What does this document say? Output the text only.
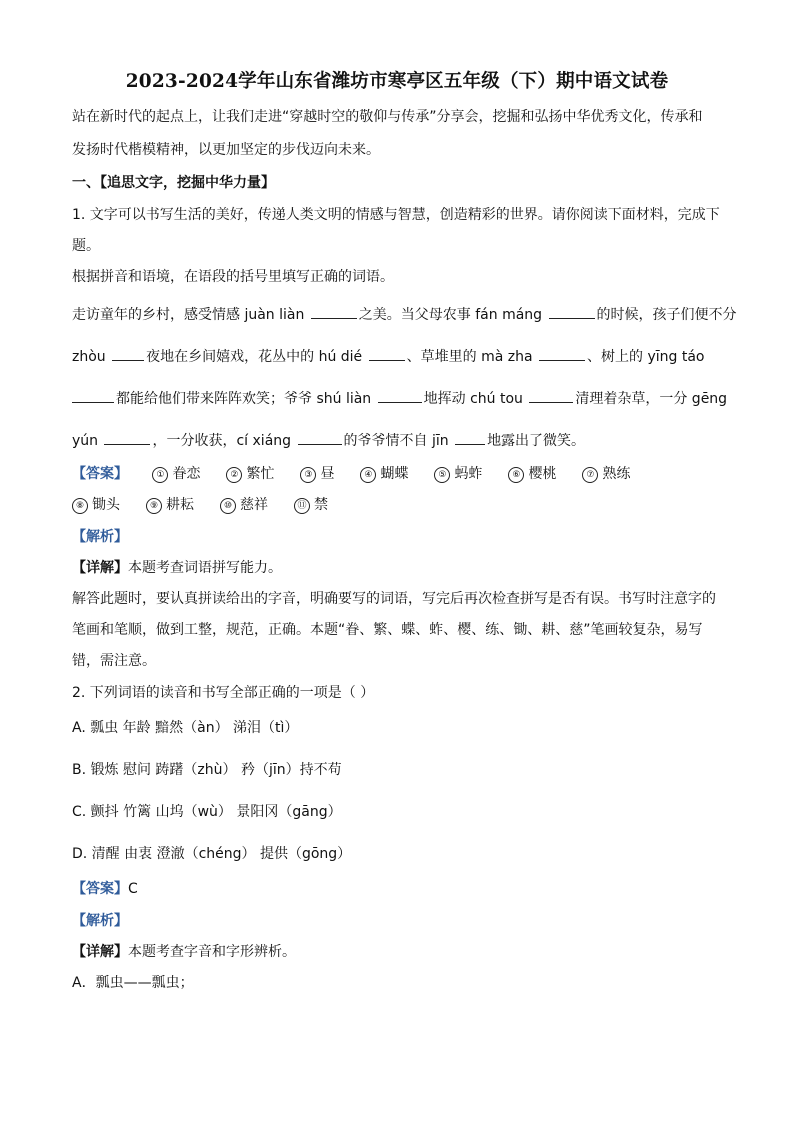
2023-2024学年山东省潍坊市寒亭区五年级（下）期中语文试卷
站在新时代的起点上，让我们走进“穿越时空的敬仰与传承”分享会，挖掘和弘扬中华优秀文化，传承和
发扬时代楷模精神，以更加坚定的步伐迈向未来。
一、【追思文字，挖掘中华力量】
1. 文字可以书写生活的美好，传递人类文明的情感与智慧，创造精彩的世界。请你阅读下面材料，完成下
题。
根据拼音和语境，在语段的括号里填写正确的词语。
走访童年的乡村，感受情感 juàn liàn	之美。当父母农事 fán máng	的时候，孩子们便不分
zhòu	夜地在乡间嬉戏，花丛中的 hú dié	、草堆里的 mà zha	、树上的 yīng táo
都能给他们带来阵阵欢笑；爷爷 shú liàn	地挥动 chú tou	清理着杂草，一分 gēng
yún	，一分收获，cí xiáng	的爷爷情不自 jīn 地露出了微笑。
【答案】	① 眷恋	② 繁忙	③ 昼	④ 蝴蝶	⑤ 蚂蚱	⑥ 樱桃	⑦ 熟练
⑧ 锄头	⑨ 耕耘	⑩ 慈祥	⑪ 禁
【解析】
【详解】本题考查词语拼写能力。
解答此题时，要认真拼读给出的字音，明确要写的词语，写完后再次检查拼写是否有误。书写时注意字的
笔画和笔顺，做到工整，规范，正确。本题“眷、繁、蝶、蚱、樱、练、锄、耕、慈”笔画较复杂，易写
错，需注意。
2. 下列词语的读音和书写全部正确的一项是（ ）
A. 瓢虫 年龄 黯然（àn） 涕泪（tì）
B. 锻炼 慰问 踌躇（zhù） 矜（jīn）持不苟
C. 颤抖 竹篱 山坞（wù） 景阳冈（gāng）
D. 清醒 由衷 澄澈（chéng） 提供（gōng）
【答案】C
【解析】
【详解】本题考查字音和字形辨析。
A．瓢虫——瓢虫；
